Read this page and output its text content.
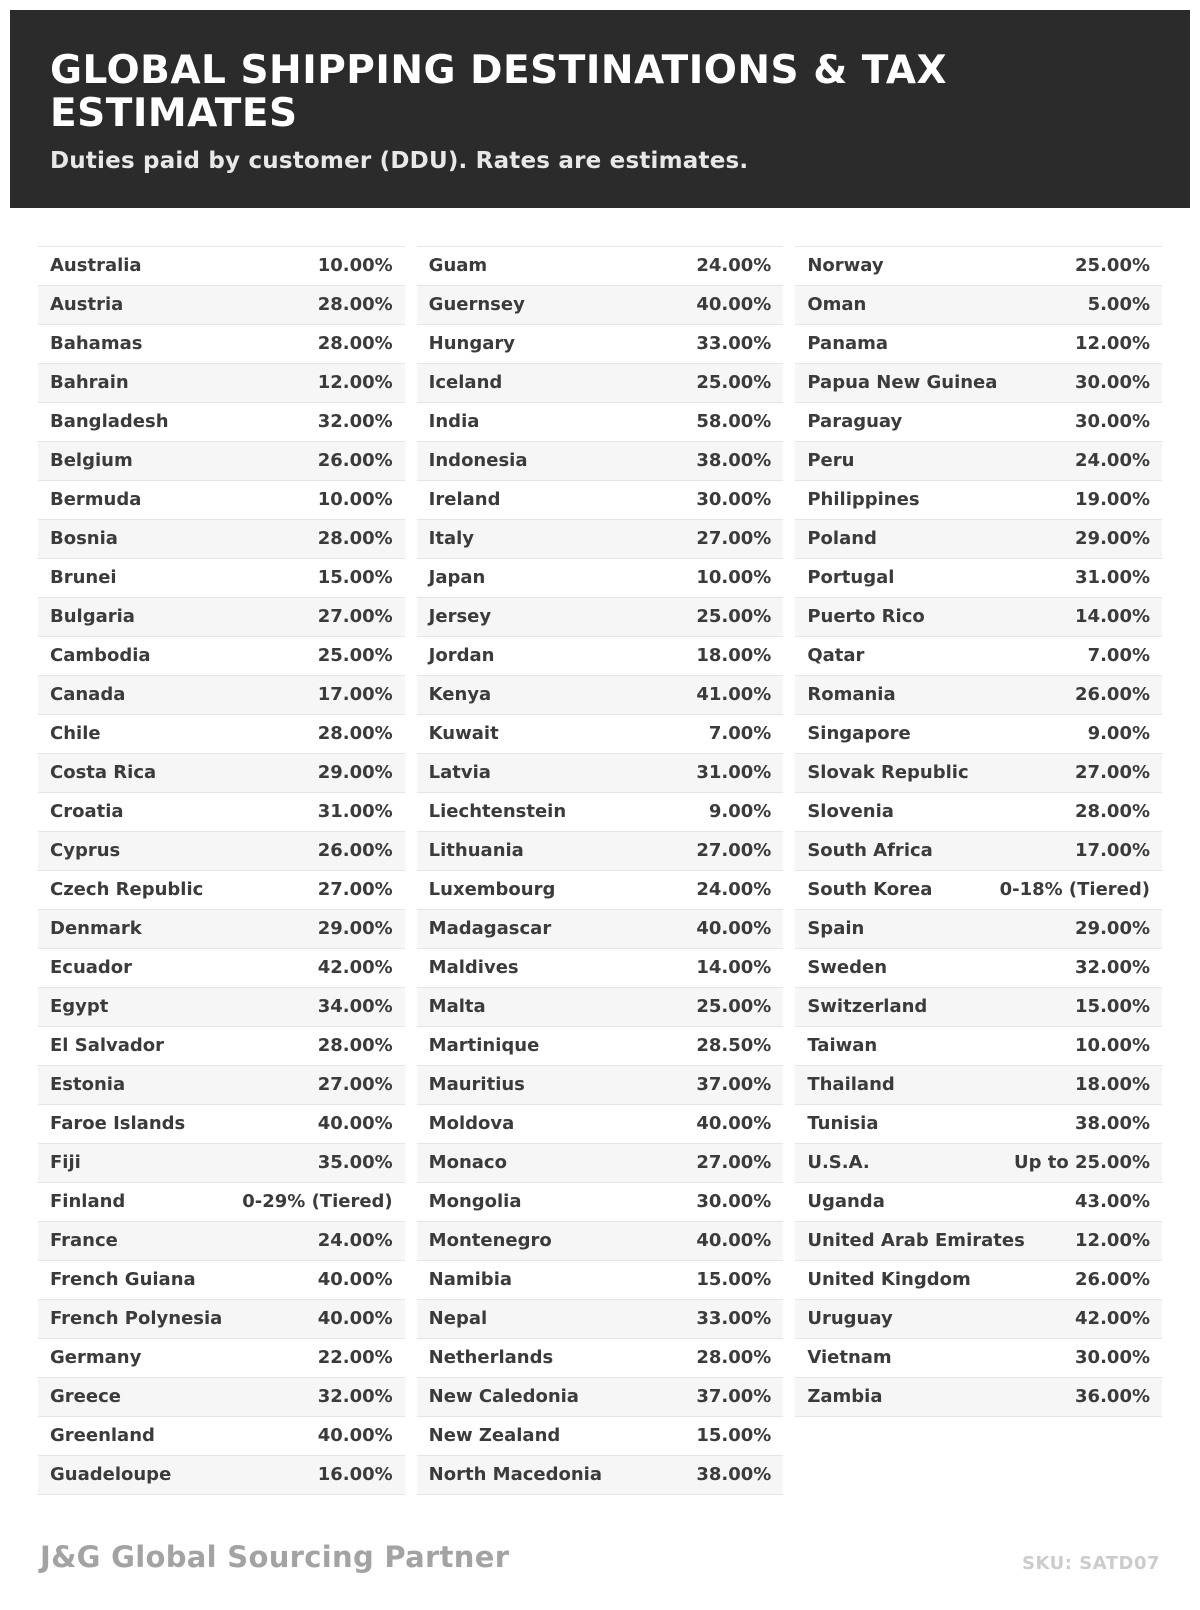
GLOBAL SHIPPING DESTINATIONS & TAX ESTIMATES

Duties paid by customer (DDU). Rates are estimates.

Australia	10.00%
Austria	28.00%
Bahamas	28.00%
Bahrain	12.00%
Bangladesh	32.00%
Belgium	26.00%
Bermuda	10.00%
Bosnia	28.00%
Brunei	15.00%
Bulgaria	27.00%
Cambodia	25.00%
Canada	17.00%
Chile	28.00%
Costa Rica	29.00%
Croatia	31.00%
Cyprus	26.00%
Czech Republic	27.00%
Denmark	29.00%
Ecuador	42.00%
Egypt	34.00%
El Salvador	28.00%
Estonia	27.00%
Faroe Islands	40.00%
Fiji	35.00%
Finland	0-29% (Tiered)
France	24.00%
French Guiana	40.00%
French Polynesia	40.00%
Germany	22.00%
Greece	32.00%
Greenland	40.00%
Guadeloupe	16.00%
Guam	24.00%
Guernsey	40.00%
Hungary	33.00%
Iceland	25.00%
India	58.00%
Indonesia	38.00%
Ireland	30.00%
Italy	27.00%
Japan	10.00%
Jersey	25.00%
Jordan	18.00%
Kenya	41.00%
Kuwait	7.00%
Latvia	31.00%
Liechtenstein	9.00%
Lithuania	27.00%
Luxembourg	24.00%
Madagascar	40.00%
Maldives	14.00%
Malta	25.00%
Martinique	28.50%
Mauritius	37.00%
Moldova	40.00%
Monaco	27.00%
Mongolia	30.00%
Montenegro	40.00%
Namibia	15.00%
Nepal	33.00%
Netherlands	28.00%
New Caledonia	37.00%
New Zealand	15.00%
North Macedonia	38.00%
Norway	25.00%
Oman	5.00%
Panama	12.00%
Papua New Guinea	30.00%
Paraguay	30.00%
Peru	24.00%
Philippines	19.00%
Poland	29.00%
Portugal	31.00%
Puerto Rico	14.00%
Qatar	7.00%
Romania	26.00%
Singapore	9.00%
Slovak Republic	27.00%
Slovenia	28.00%
South Africa	17.00%
South Korea	0-18% (Tiered)
Spain	29.00%
Sweden	32.00%
Switzerland	15.00%
Taiwan	10.00%
Thailand	18.00%
Tunisia	38.00%
U.S.A.	Up to 25.00%
Uganda	43.00%
United Arab Emirates	12.00%
United Kingdom	26.00%
Uruguay	42.00%
Vietnam	30.00%
Zambia	36.00%
J&G Global Sourcing Partner	SKU: SATD07
